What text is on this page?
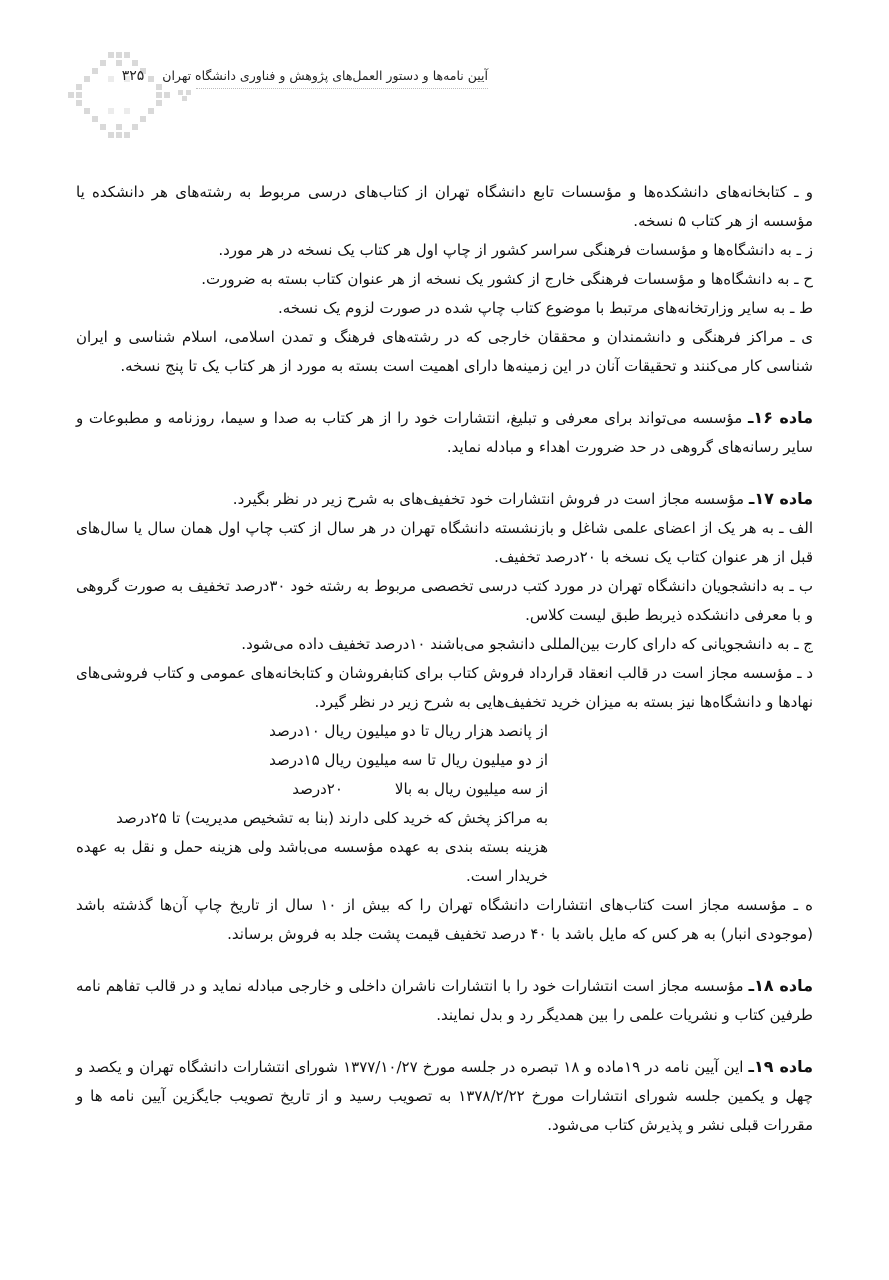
۳۲۵	آیین نامه‌ها و دستور العمل‌های پژوهش و فناوری دانشگاه تهران
و ـ کتابخانه‌های دانشکده‌ها و مؤسسات تابع دانشگاه تهران از کتاب‌های درسی مربوط به رشته‌های هر دانشکده یا مؤسسه از هر کتاب ۵ نسخه.
ز ـ به دانشگاه‌ها و مؤسسات فرهنگی سراسر کشور از چاپ اول هر کتاب یک نسخه در هر مورد.
ح ـ به دانشگاه‌ها و مؤسسات فرهنگی خارج از کشور یک نسخه از هر عنوان کتاب بسته به ضرورت.
ط ـ به سایر وزارتخانه‌های مرتبط با موضوع کتاب چاپ شده در صورت لزوم یک نسخه.
ی ـ مراکز فرهنگی و دانشمندان و محققان خارجی که در رشته‌های فرهنگ و تمدن اسلامی، اسلام شناسی و ایران شناسی کار می‌کنند و تحقیقات آنان در این زمینه‌ها دارای اهمیت است بسته به مورد از هر کتاب یک تا پنج نسخه.
ماده ۱۶ـ مؤسسه می‌تواند برای معرفی و تبلیغ، انتشارات خود را از هر کتاب به صدا و سیما، روزنامه و مطبوعات و سایر رسانه‌های گروهی در حد ضرورت اهداء و مبادله نماید.
ماده ۱۷ـ مؤسسه مجاز است در فروش انتشارات خود تخفیف‌های به شرح زیر در نظر بگیرد.
الف ـ به هر یک از اعضای علمی شاغل و بازنشسته دانشگاه تهران در هر سال از کتب چاپ اول همان سال یا سال‌های قبل از هر عنوان کتاب یک نسخه با ۲۰درصد تخفیف.
ب ـ به دانشجویان دانشگاه تهران در مورد کتب درسی تخصصی مربوط به رشته خود ۳۰درصد تخفیف به صورت گروهی و با معرفی دانشکده ذیربط طبق لیست کلاس.
ج ـ به دانشجویانی که دارای کارت بین‌المللی دانشجو می‌باشند ۱۰درصد تخفیف داده می‌شود.
د ـ مؤسسه مجاز است در قالب انعقاد قرارداد فروش کتاب برای کتابفروشان و کتابخانه‌های عمومی و کتاب فروشی‌های نهادها و دانشگاه‌ها نیز بسته به میزان خرید تخفیف‌هایی به شرح زیر در نظر گیرد.
از پانصد هزار ریال تا دو میلیون ریال ۱۰درصد
از دو میلیون ریال تا سه میلیون ریال ۱۵درصد
از سه میلیون ریال به بالا۲۰درصد
به مراکز پخش که خرید کلی دارند (بنا به تشخیص مدیریت) تا ۲۵درصد
هزینه بسته بندی به عهده مؤسسه می‌باشد ولی هزینه حمل و نقل به عهده خریدار است.
ه ـ مؤسسه مجاز است کتاب‌های انتشارات دانشگاه تهران را که بیش از ۱۰ سال از تاریخ چاپ آن‌ها گذشته باشد (موجودی انبار) به هر کس که مایل باشد با ۴۰ درصد تخفیف قیمت پشت جلد به فروش برساند.
ماده ۱۸ـ مؤسسه مجاز است انتشارات خود را با انتشارات ناشران داخلی و خارجی مبادله نماید و در قالب تفاهم نامه طرفین کتاب و نشریات علمی را بین همدیگر رد و بدل نمایند.
ماده ۱۹ـ این آیین نامه در ۱۹ماده و ۱۸ تبصره در جلسه مورخ ۱۳۷۷/۱۰/۲۷ شورای انتشارات دانشگاه تهران و یکصد و چهل و یکمین جلسه شورای انتشارات مورخ ۱۳۷۸/۲/۲۲ به تصویب رسید و از تاریخ تصویب جایگزین آیین نامه ها و مقررات قبلی نشر و پذیرش کتاب می‌شود.
